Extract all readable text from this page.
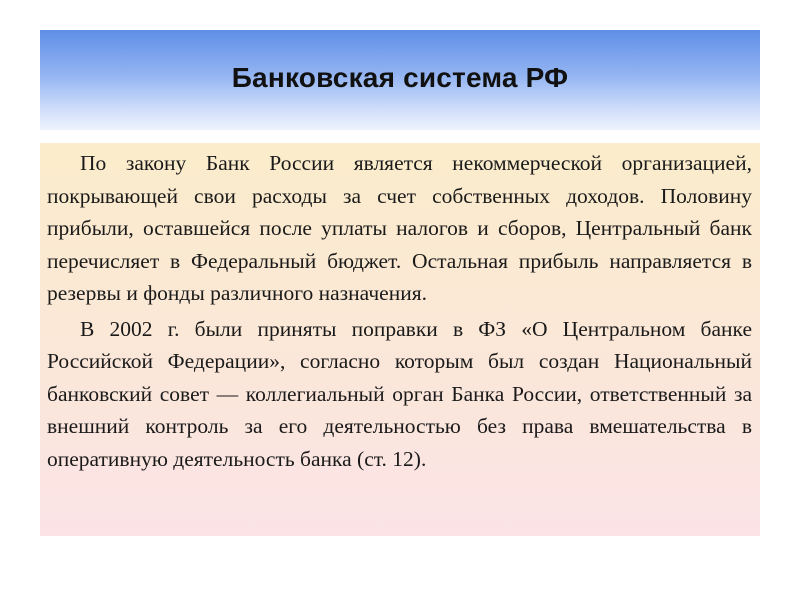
Банковская система РФ

По закону Банк России является некоммерческой организацией, покрывающей свои расходы за счет собственных доходов. Половину прибыли, оставшейся после уплаты налогов и сборов, Центральный банк перечисляет в Федеральный бюджет. Остальная прибыль направляется в резервы и фонды различного назначения.

В 2002 г. были приняты поправки в ФЗ «О Центральном банке Российской Федерации», согласно которым был создан Национальный банковский совет — коллегиальный орган Банка России, ответственный за внешний контроль за его деятельностью без права вмешательства в оперативную деятельность банка (ст. 12).
